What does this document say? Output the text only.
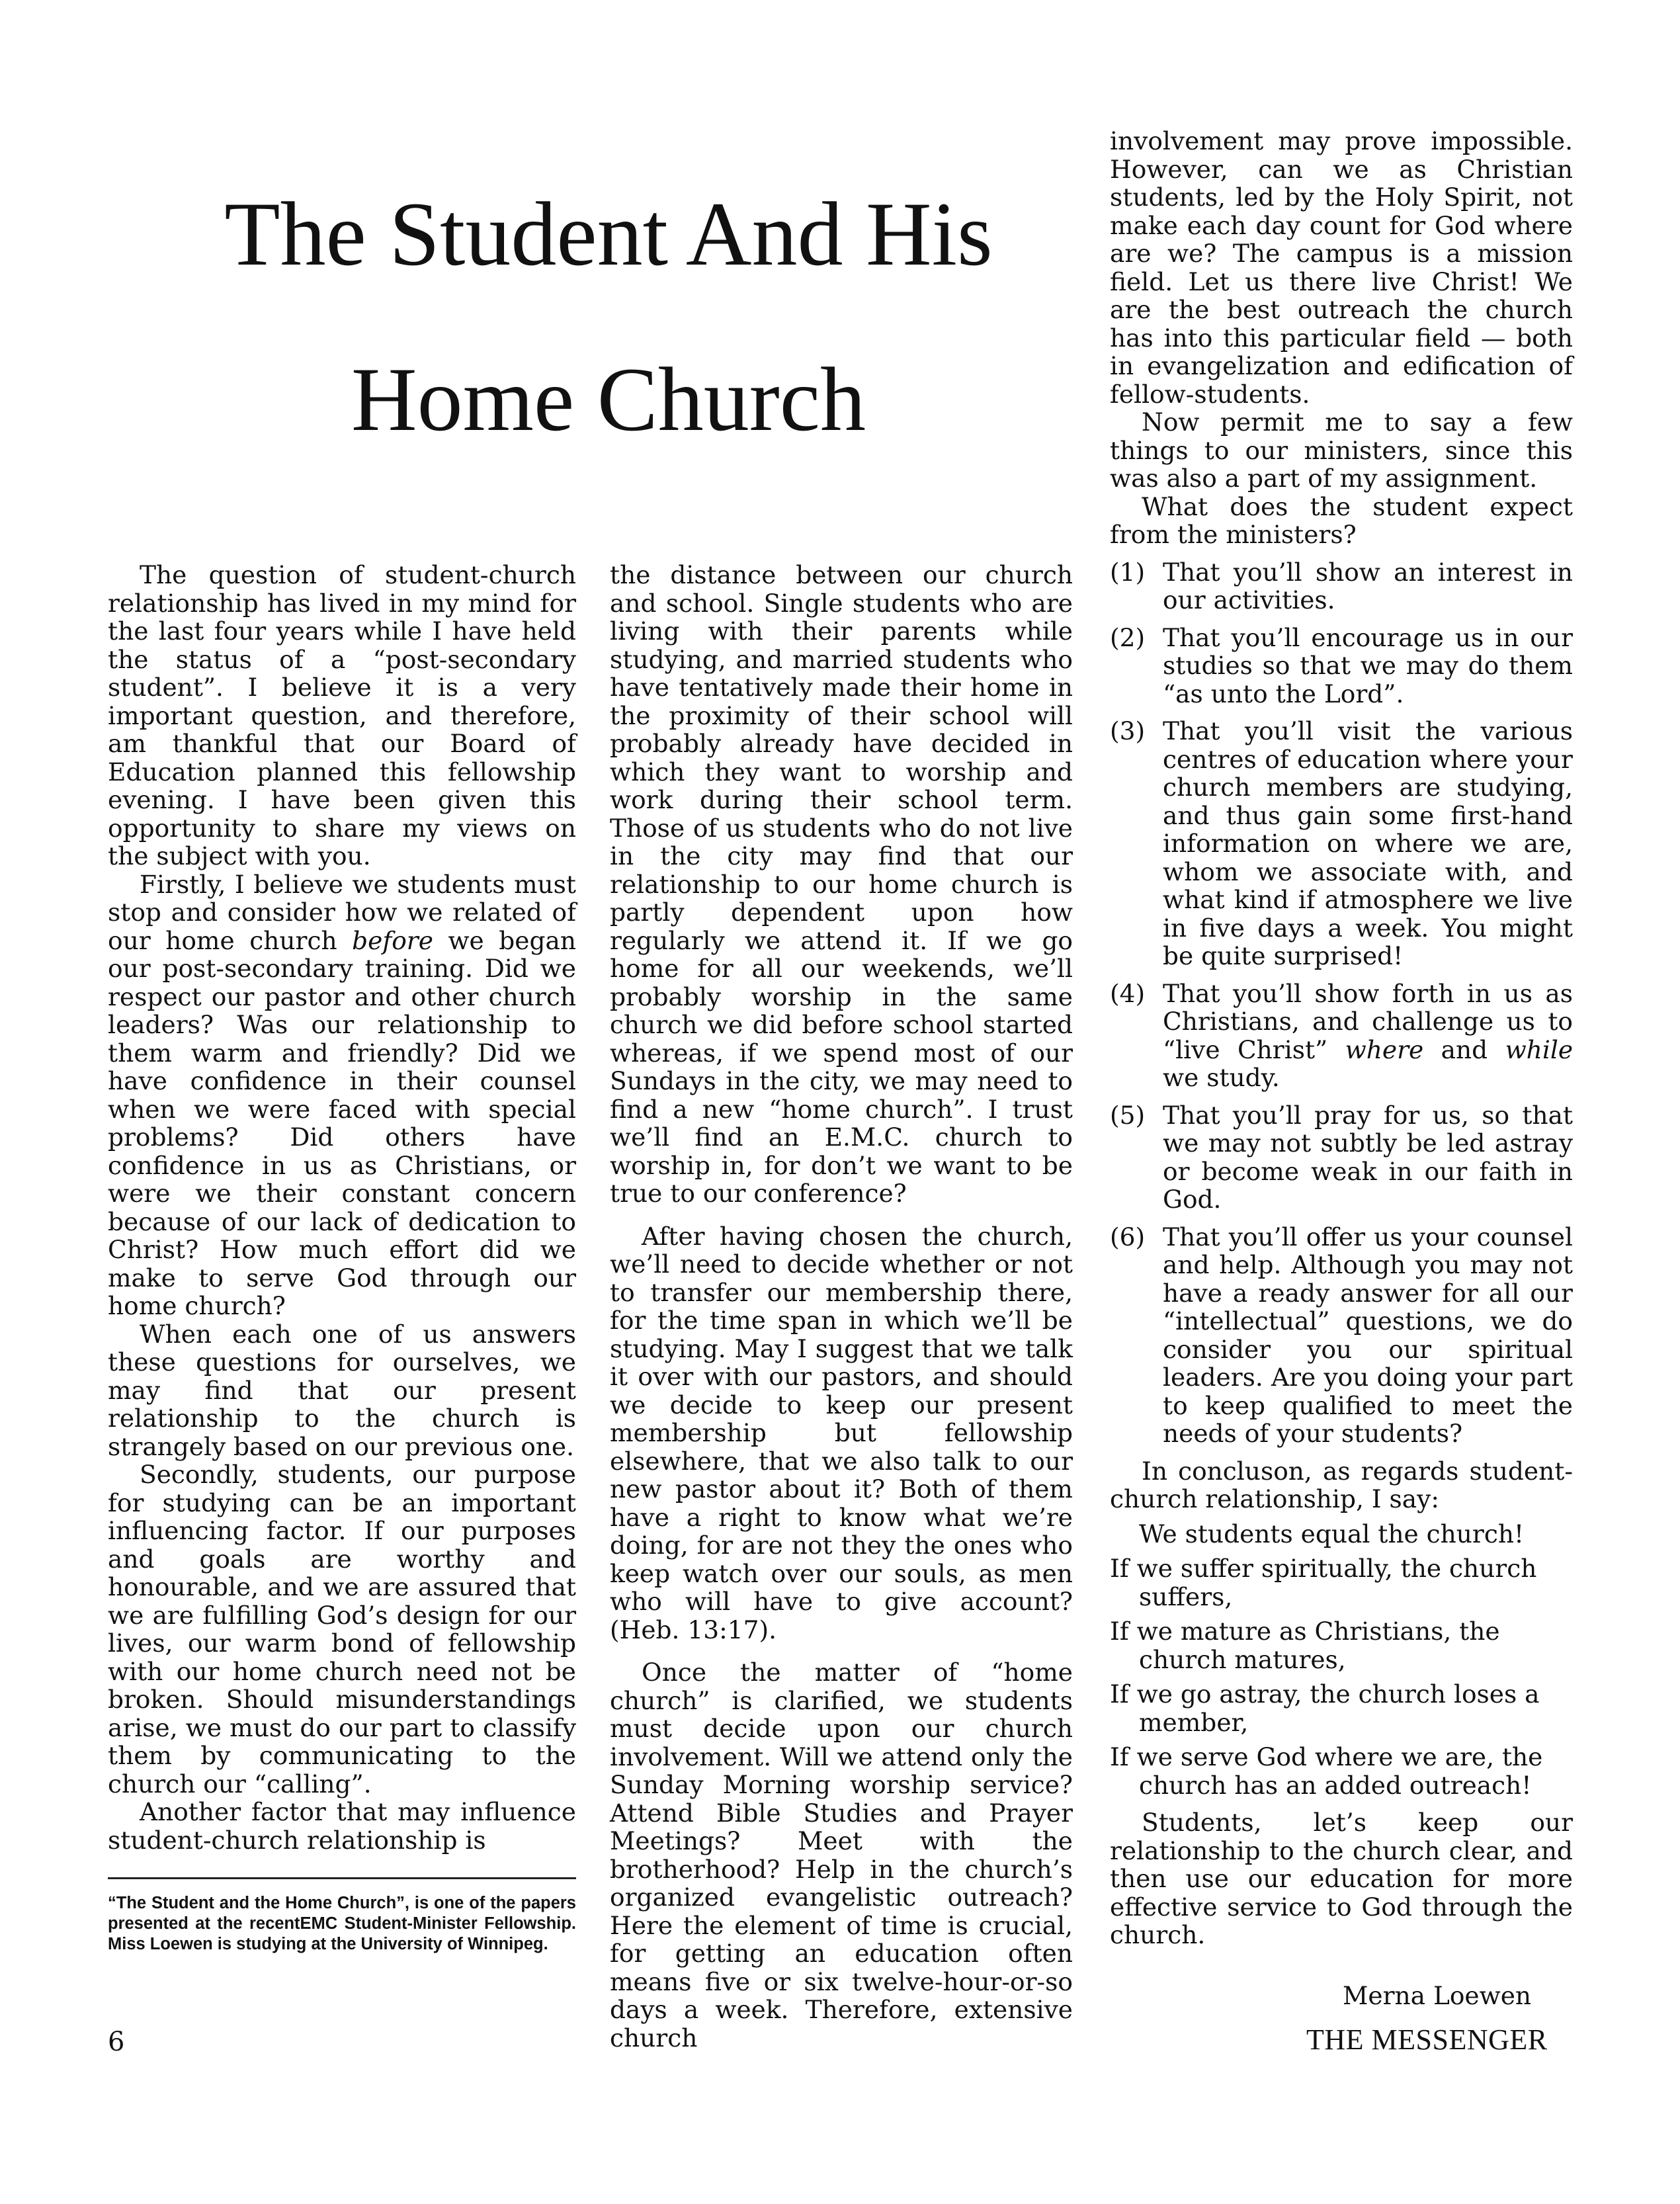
The Student And His
Home Church

The question of student-church relationship has lived in my mind for the last four years while I have held the status of a “post-secondary student”. I believe it is a very important question, and therefore, am thankful that our Board of Education planned this fellowship evening. I have been given this opportunity to share my views on the subject with you.

Firstly, I believe we students must stop and consider how we related of our home church before we began our post-secondary training. Did we respect our pastor and other church leaders? Was our relationship to them warm and friendly? Did we have confidence in their counsel when we were faced with special problems? Did others have confidence in us as Christians, or were we their constant concern because of our lack of dedication to Christ? How much effort did we make to serve God through our home church?

When each one of us answers these questions for ourselves, we may find that our present relationship to the church is strangely based on our previous one.

Secondly, students, our purpose for studying can be an important influencing factor. If our purposes and goals are worthy and honourable, and we are assured that we are fulfilling God’s design for our lives, our warm bond of fellowship with our home church need not be broken. Should misunderstandings arise, we must do our part to classify them by communicating to the church our “calling”.

Another factor that may influence student-church relationship is

“The Student and the Home Church”, is one of the papers presented at the recentEMC Student-Minister Fellowship. Miss Loewen is studying at the University of Winnipeg.

6

the distance between our church and school. Single students who are living with their parents while studying, and married students who have tentatively made their home in the proximity of their school will probably already have decided in which they want to worship and work during their school term. Those of us students who do not live in the city may find that our relationship to our home church is partly dependent upon how regularly we attend it. If we go home for all our weekends, we’ll probably worship in the same church we did before school started whereas, if we spend most of our Sundays in the city, we may need to find a new “home church”. I trust we’ll find an E.M.C. church to worship in, for don’t we want to be true to our conference?

After having chosen the church, we’ll need to decide whether or not to transfer our membership there, for the time span in which we’ll be studying. May I suggest that we talk it over with our pastors, and should we decide to keep our present membership but fellowship elsewhere, that we also talk to our new pastor about it? Both of them have a right to know what we’re doing, for are not they the ones who keep watch over our souls, as men who will have to give account? (Heb. 13:17).

Once the matter of “home church” is clarified, we students must decide upon our church involvement. Will we attend only the Sunday Morning worship service? Attend Bible Studies and Prayer Meetings? Meet with the brotherhood? Help in the church’s organized evangelistic outreach? Here the element of time is crucial, for getting an education often means five or six twelve-hour-or-so days a week. Therefore, extensive church

involvement may prove impossible. However, can we as Christian students, led by the Holy Spirit, not make each day count for God where are we? The campus is a mission field. Let us there live Christ! We are the best outreach the church has into this particular field — both in evangelization and edification of fellow-students.

Now permit me to say a few things to our ministers, since this was also a part of my assignment.

What does the student expect from the ministers?

(1) That you’ll show an interest in our activities.
(2) That you’ll encourage us in our studies so that we may do them “as unto the Lord”.
(3) That you’ll visit the various centres of education where your church members are studying, and thus gain some first-hand information on where we are, whom we associate with, and what kind if atmosphere we live in five days a week. You might be quite surprised!
(4) That you’ll show forth in us as Christians, and challenge us to “live Christ” where and while we study.
(5) That you’ll pray for us, so that we may not subtly be led astray or become weak in our faith in God.
(6) That you’ll offer us your counsel and help. Although you may not have a ready answer for all our “intellectual” questions, we do consider you our spiritual leaders. Are you doing your part to keep qualified to meet the needs of your students?

In concluson, as regards student-church relationship, I say:

We students equal the church!
If we suffer spiritually, the church suffers,
If we mature as Christians, the church matures,
If we go astray, the church loses a member,
If we serve God where we are, the church has an added outreach!

Students, let’s keep our relationship to the church clear, and then use our education for more effective service to God through the church.

Merna Loewen

THE MESSENGER
